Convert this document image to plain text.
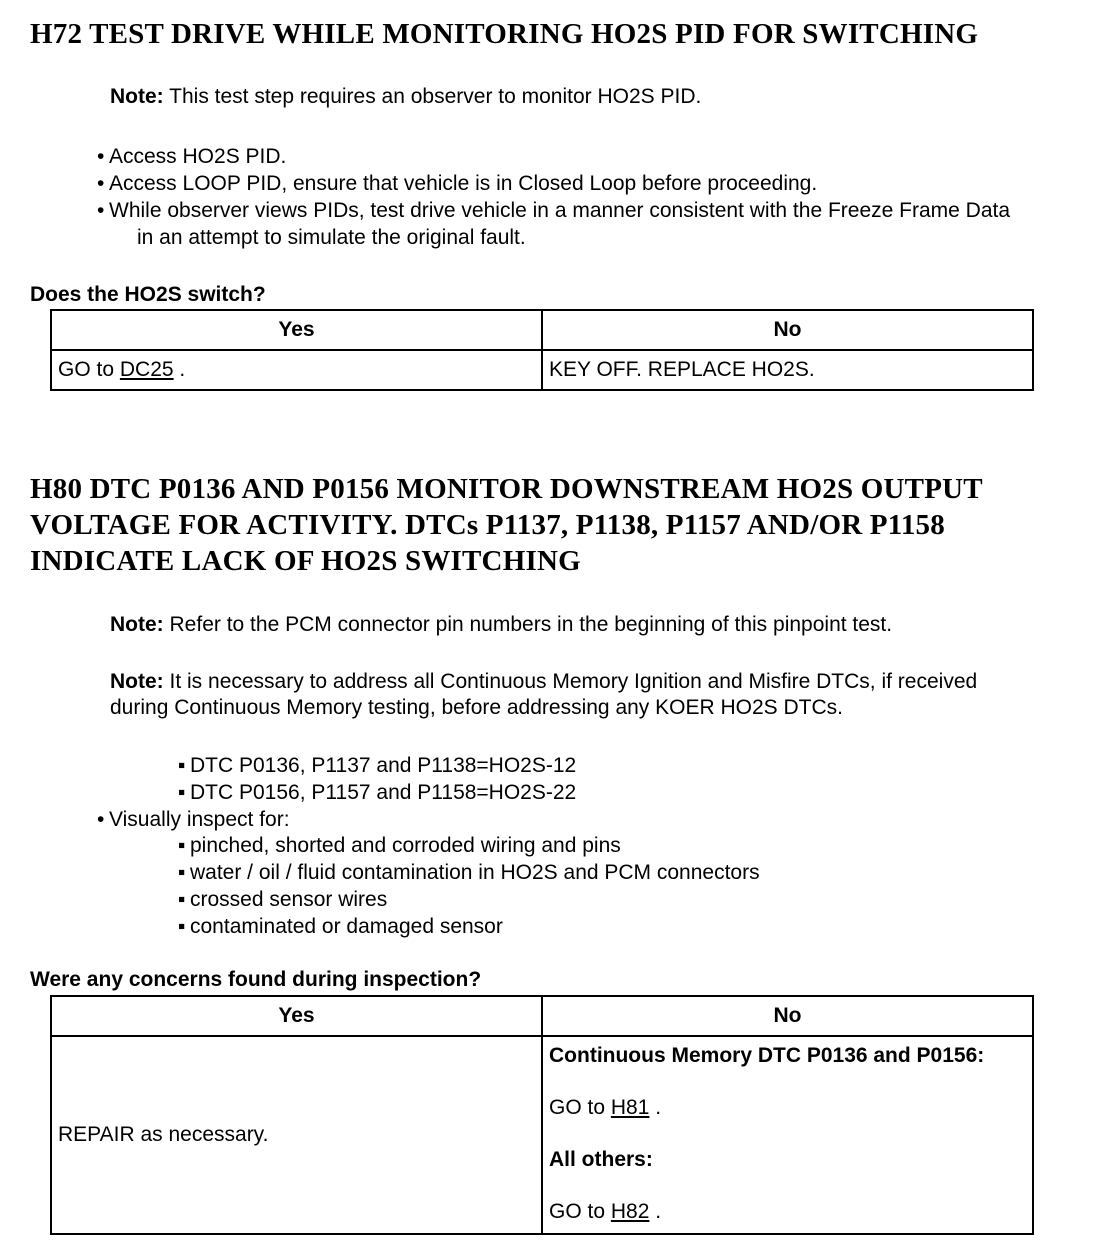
H72 TEST DRIVE WHILE MONITORING HO2S PID FOR SWITCHING
Note: This test step requires an observer to monitor HO2S PID.
• Access HO2S PID.
• Access LOOP PID, ensure that vehicle is in Closed Loop before proceeding.
• While observer views PIDs, test drive vehicle in a manner consistent with the Freeze Frame Data
in an attempt to simulate the original fault.
Does the HO2S switch?
Yes	No
GO to DC25 .	KEY OFF. REPLACE HO2S.
H80 DTC P0136 AND P0156 MONITOR DOWNSTREAM HO2S OUTPUT
VOLTAGE FOR ACTIVITY. DTCs P1137, P1138, P1157 AND/OR P1158
INDICATE LACK OF HO2S SWITCHING
Note: Refer to the PCM connector pin numbers in the beginning of this pinpoint test.
Note: It is necessary to address all Continuous Memory Ignition and Misfire DTCs, if received
during Continuous Memory testing, before addressing any KOER HO2S DTCs.
▪ DTC P0136, P1137 and P1138=HO2S-12
▪ DTC P0156, P1157 and P1158=HO2S-22
• Visually inspect for:
▪ pinched, shorted and corroded wiring and pins
▪ water / oil / fluid contamination in HO2S and PCM connectors
▪ crossed sensor wires
▪ contaminated or damaged sensor
Were any concerns found during inspection?
Yes	No
REPAIR as necessary.	Continuous Memory DTC P0136 and P0156:

GO to H81 .

All others:

GO to H82 .
